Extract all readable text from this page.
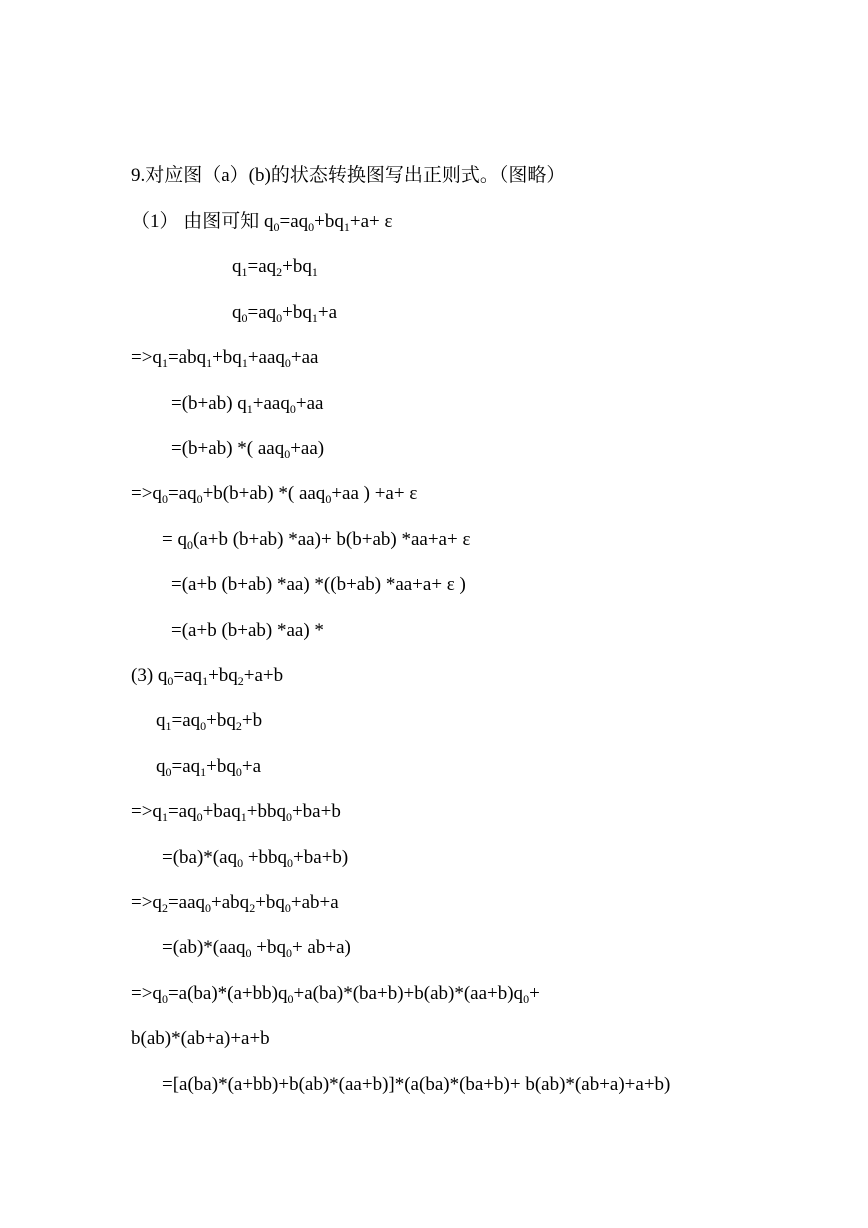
9.对应图（a）(b)的状态转换图写出正则式。（图略）
（1） 由图可知 $q_0=aq_0+bq_1+a+ \varepsilon$
$q_1=aq_2+bq_1$
$q_0=aq_0+bq_1+a$
$=>q_1=abq_1+bq_1+aaq_0+aa$
=(b+ab) $q_1+aaq_0+aa$
=(b+ab) *( aaq$_0$+aa)
$=>q_0=aq_0+b(b+ab)$ *( aaq$_0$+aa ) +a+ ε
= $q_0(a+b$ (b+ab) *aa)+ b(b+ab) *aa+a+ ε
=(a+b (b+ab) *aa) *((b+ab) *aa+a+ ε )
=(a+b (b+ab) *aa) *
(3) $q_0=aq_1+bq_2+a+b$
$q_1=aq_0+bq_2+b$
$q_0=aq_1+bq_0+a$
$=>q_1=aq_0+baq_1+bbq_0+ba+b$
$=(ba)*(aq_0 +bbq_0+ba+b)$
$=>q_2=aaq_0+abq_2+bq_0+ab+a$
$=(ab)*(aaq_0 +bq_0+ ab+a)$
$=>q_0=a(ba)*(a+bb)q_0+a(ba)*(ba+b)+b(ab)*(aa+b)q_0+$
b(ab)*(ab+a)+a+b
=[a(ba)*(a+bb)+b(ab)*(aa+b)]*(a(ba)*(ba+b)+ b(ab)*(ab+a)+a+b)
